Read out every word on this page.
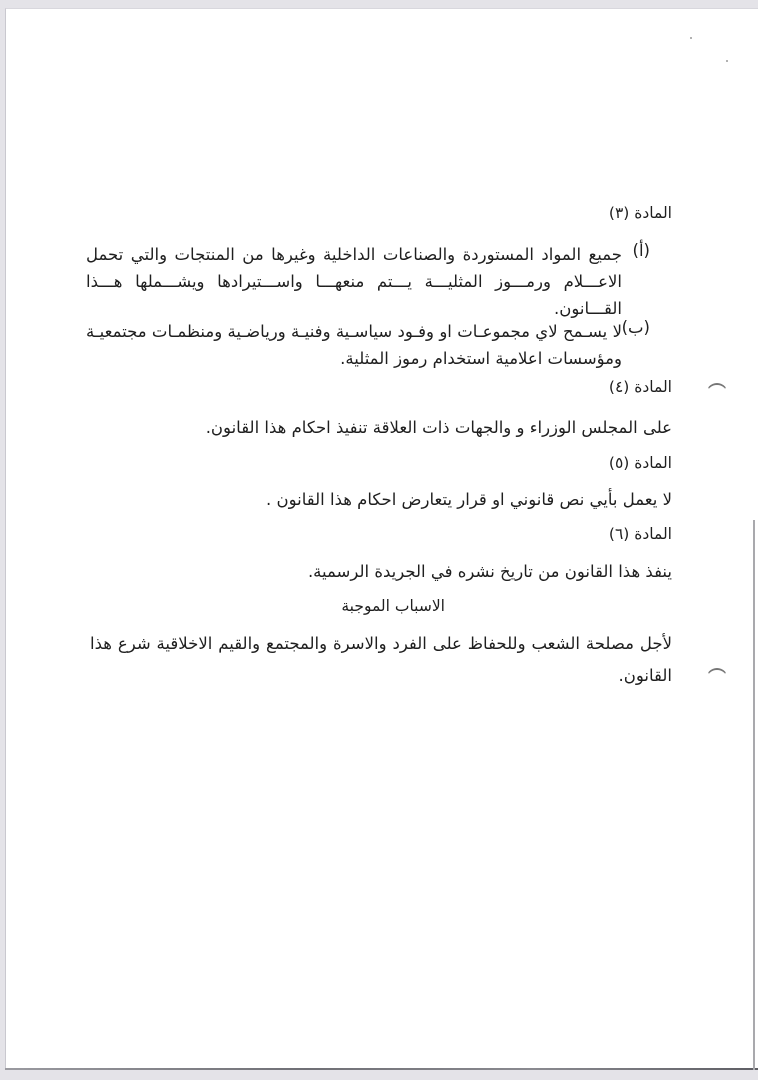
المادة (٣)
(أ)
جميع المواد المستوردة والصناعات الداخلية وغيرها من المنتجات والتي تحمل الاعـــلام ورمـــوز المثليـــة يـــتم منعهـــا واســـتيرادها ويشـــملها هـــذا القـــانون.
(ب)
لا يسـمح لاي مجموعـات او وفـود سياسـية وفنيـة ورياضـية ومنظمـات مجتمعيـة ومؤسسات اعلامية استخدام رموز المثلية.
المادة (٤)
على المجلس الوزراء و والجهات ذات العلاقة تنفيذ احكام هذا القانون.
المادة (٥)
لا يعمل بأيي نص قانوني او قرار يتعارض احكام هذا القانون .
المادة (٦)
ينفذ هذا القانون من تاريخ نشره في الجريدة الرسمية.
الاسباب الموجبة
لأجل مصلحة الشعب وللحفاظ على الفرد والاسرة والمجتمع والقيم الاخلاقية شرع هذا القانون.
